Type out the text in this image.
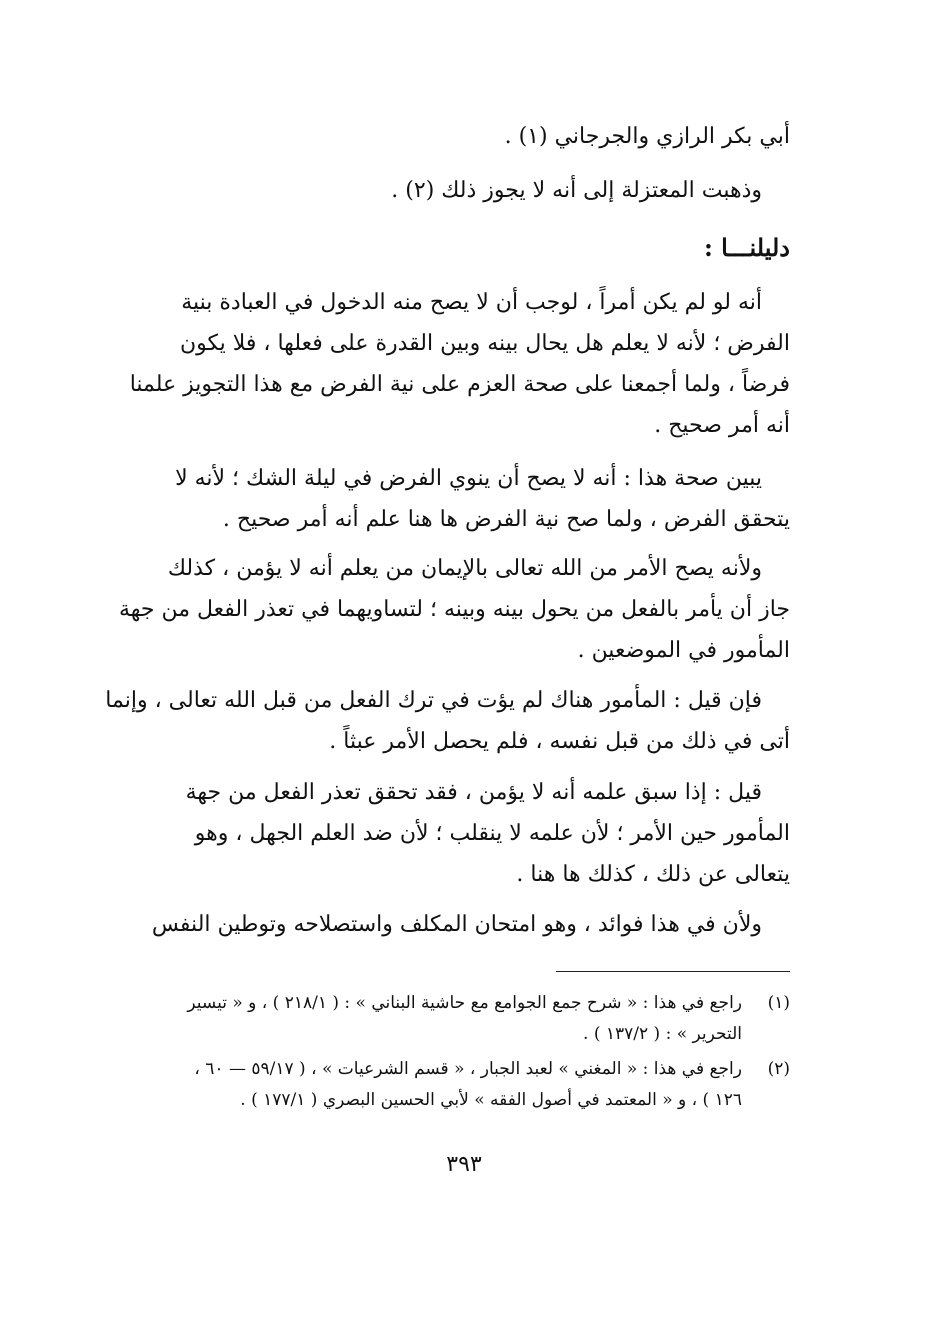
أبي بكر الرازي والجرجاني (١) .
وذهبت المعتزلة إلى أنه لا يجوز ذلك (٢) .
دليلنـــا :
أنه لو لم يكن أمراً ، لوجب أن لا يصح منه الدخول في العبادة بنية
الفرض ؛ لأنه لا يعلم هل يحال بينه وبين القدرة على فعلها ، فلا يكون
فرضاً ، ولما أجمعنا على صحة العزم على نية الفرض مع هذا التجويز علمنا
أنه أمر صحيح .
يبين صحة هذا : أنه لا يصح أن ينوي الفرض في ليلة الشك ؛ لأنه لا
يتحقق الفرض ، ولما صح نية الفرض ها هنا علم أنه أمر صحيح .
ولأنه يصح الأمر من الله تعالى بالإيمان من يعلم أنه لا يؤمن ، كذلك
جاز أن يأمر بالفعل من يحول بينه وبينه ؛ لتساويهما في تعذر الفعل من جهة
المأمور في الموضعين .
فإن قيل : المأمور هناك لم يؤت في ترك الفعل من قبل الله تعالى ، وإنما
أتى في ذلك من قبل نفسه ، فلم يحصل الأمر عبثاً .
قيل : إذا سبق علمه أنه لا يؤمن ، فقد تحقق تعذر الفعل من جهة
المأمور حين الأمر ؛ لأن علمه لا ينقلب ؛ لأن ضد العلم الجهل ، وهو
يتعالى عن ذلك ، كذلك ها هنا .
ولأن في هذا فوائد ، وهو امتحان المكلف واستصلاحه وتوطين النفس
(١)
راجع في هذا : « شرح جمع الجوامع مع حاشية البناني » : ( ٢١٨/١ ) ، و « تيسير
التحرير » : ( ١٣٧/٢ ) .
(٢)
راجع في هذا : « المغني » لعبد الجبار ، « قسم الشرعيات » ، ( ٥٩/١٧ — ٦٠ ،
١٢٦ ) ، و « المعتمد في أصول الفقه » لأبي الحسين البصري ( ١٧٧/١ ) .
٣٩٣
